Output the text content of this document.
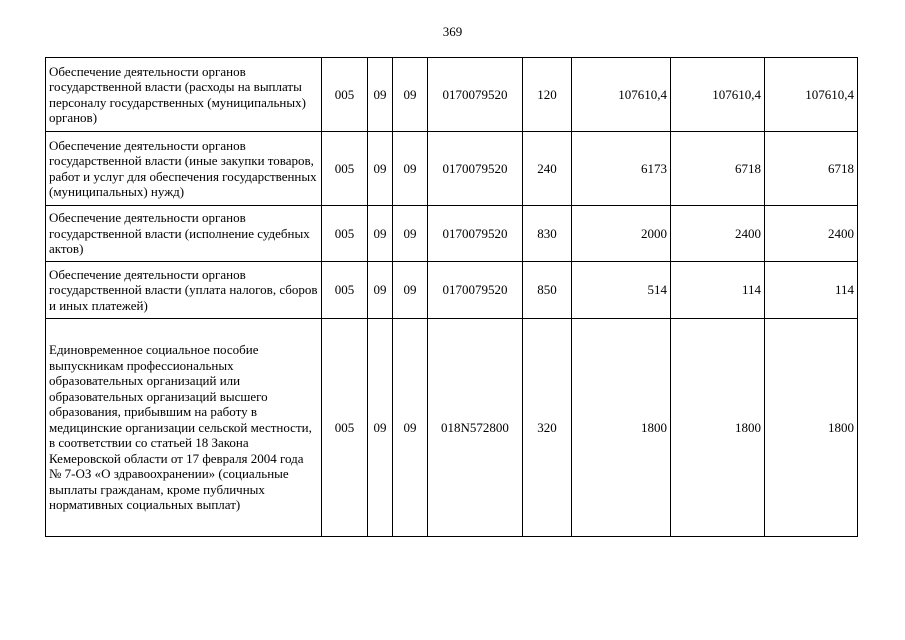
369
Обеспечение деятельности органов государственной власти (расходы на выплаты персоналу государственных (муниципальных) органов)	005	09	09	0170079520	120	107610,4	107610,4	107610,4
Обеспечение деятельности органов государственной власти (иные закупки товаров, работ и услуг для обеспечения государственных (муниципальных) нужд)	005	09	09	0170079520	240	6173	6718	6718
Обеспечение деятельности органов государственной власти (исполнение судебных актов)	005	09	09	0170079520	830	2000	2400	2400
Обеспечение деятельности органов государственной власти (уплата налогов, сборов и иных платежей)	005	09	09	0170079520	850	514	114	114
Единовременное социальное пособие выпускникам профессиональных образовательных организаций или образовательных организаций высшего образования, прибывшим на работу в медицинские организации сельской местности, в соответствии со статьей 18 Закона Кемеровской области от 17 февраля 2004 года № 7-ОЗ «О здравоохранении» (социальные выплаты гражданам, кроме публичных нормативных социальных выплат)	005	09	09	018N572800	320	1800	1800	1800
